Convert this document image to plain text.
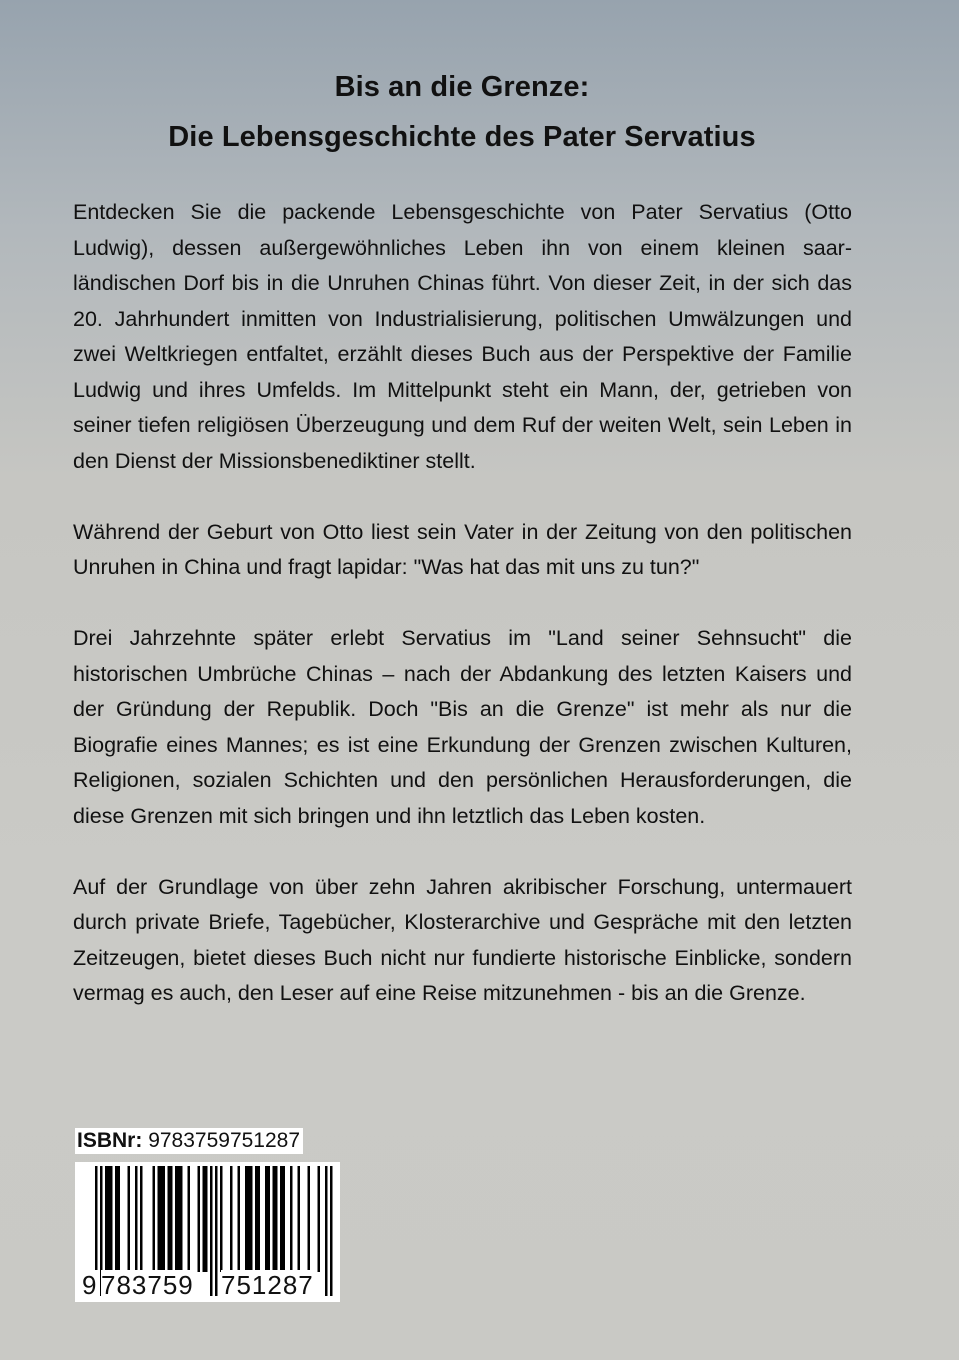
Bis an die Grenze:
Die Lebensgeschichte des Pater Servatius

Entdecken Sie die packende Lebensgeschichte von Pater Servatius (Otto Ludwig), dessen außergewöhnliches Leben ihn von einem kleinen saarländischen Dorf bis in die Unruhen Chinas führt. Von dieser Zeit, in der sich das 20. Jahrhundert inmitten von Industrialisierung, politischen Umwälzungen und zwei Weltkriegen entfaltet, erzählt dieses Buch aus der Perspektive der Familie Ludwig und ihres Umfelds. Im Mittelpunkt steht ein Mann, der, getrieben von seiner tiefen religiösen Überzeugung und dem Ruf der weiten Welt, sein Leben in den Dienst der Missionsbenediktiner stellt.

Während der Geburt von Otto liest sein Vater in der Zeitung von den politischen Unruhen in China und fragt lapidar: "Was hat das mit uns zu tun?"

Drei Jahrzehnte später erlebt Servatius im "Land seiner Sehnsucht" die historischen Umbrüche Chinas – nach der Abdankung des letzten Kaisers und der Gründung der Republik. Doch "Bis an die Grenze" ist mehr als nur die Biografie eines Mannes; es ist eine Erkundung der Grenzen zwischen Kulturen, Religionen, sozialen Schichten und den persönlichen Herausforderungen, die diese Grenzen mit sich bringen und ihn letztlich das Leben kosten.

Auf der Grundlage von über zehn Jahren akribischer Forschung, untermauert durch private Briefe, Tagebücher, Klosterarchive und Gespräche mit den letzten Zeitzeugen, bietet dieses Buch nicht nur fundierte historische Einblicke, sondern vermag es auch, den Leser auf eine Reise mitzunehmen - bis an die Grenze.

ISBNr: 9783759751287
9 783759 751287
